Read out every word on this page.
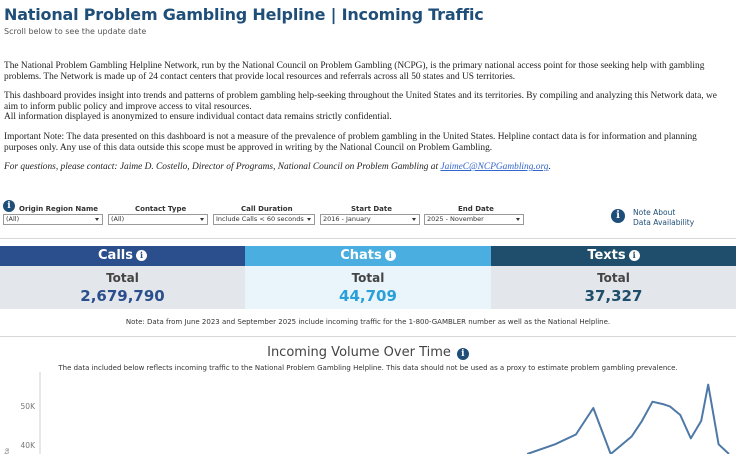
National Problem Gambling Helpline | Incoming Traffic
Scroll below to see the update date

The National Problem Gambling Helpline Network, run by the National Council on Problem Gambling (NCPG), is the primary national access point for those seeking help with gambling problems. The Network is made up of 24 contact centers that provide local resources and referrals across all 50 states and US territories.

This dashboard provides insight into trends and patterns of problem gambling help-seeking throughout the United States and its territories. By compiling and analyzing this Network data, we aim to inform public policy and improve access to vital resources.

All information displayed is anonymized to ensure individual contact data remains strictly confidential.

Important Note: The data presented on this dashboard is not a measure of the prevalence of problem gambling in the United States. Helpline contact data is for information and planning purposes only. Any use of this data outside this scope must be approved in writing by the National Council on Problem Gambling.

For questions, please contact: Jaime D. Costello, Director of Programs, National Council on Problem Gambling at JaimeC@NCPGambling.org.

i	Origin Region Name
(All)
Contact Type
(All)
Call Duration
Include Calls < 60 seconds
Start Date
2016 - January
End Date
2025 - November	i	Note About
Data Availability
Calls i
Total
2,679,790
Chats i
Total
44,709
Texts i
Total
37,327
Note: Data from June 2023 and September 2025 include incoming traffic for the 1-800-GAMBLER number as well as the National Helpline.
Incoming Volume Over Time i
The data included below reflects incoming traffic to the National Problem Gambling Helpline. This data should not be used as a proxy to estimate problem gambling prevalence.
40K
50K
te
